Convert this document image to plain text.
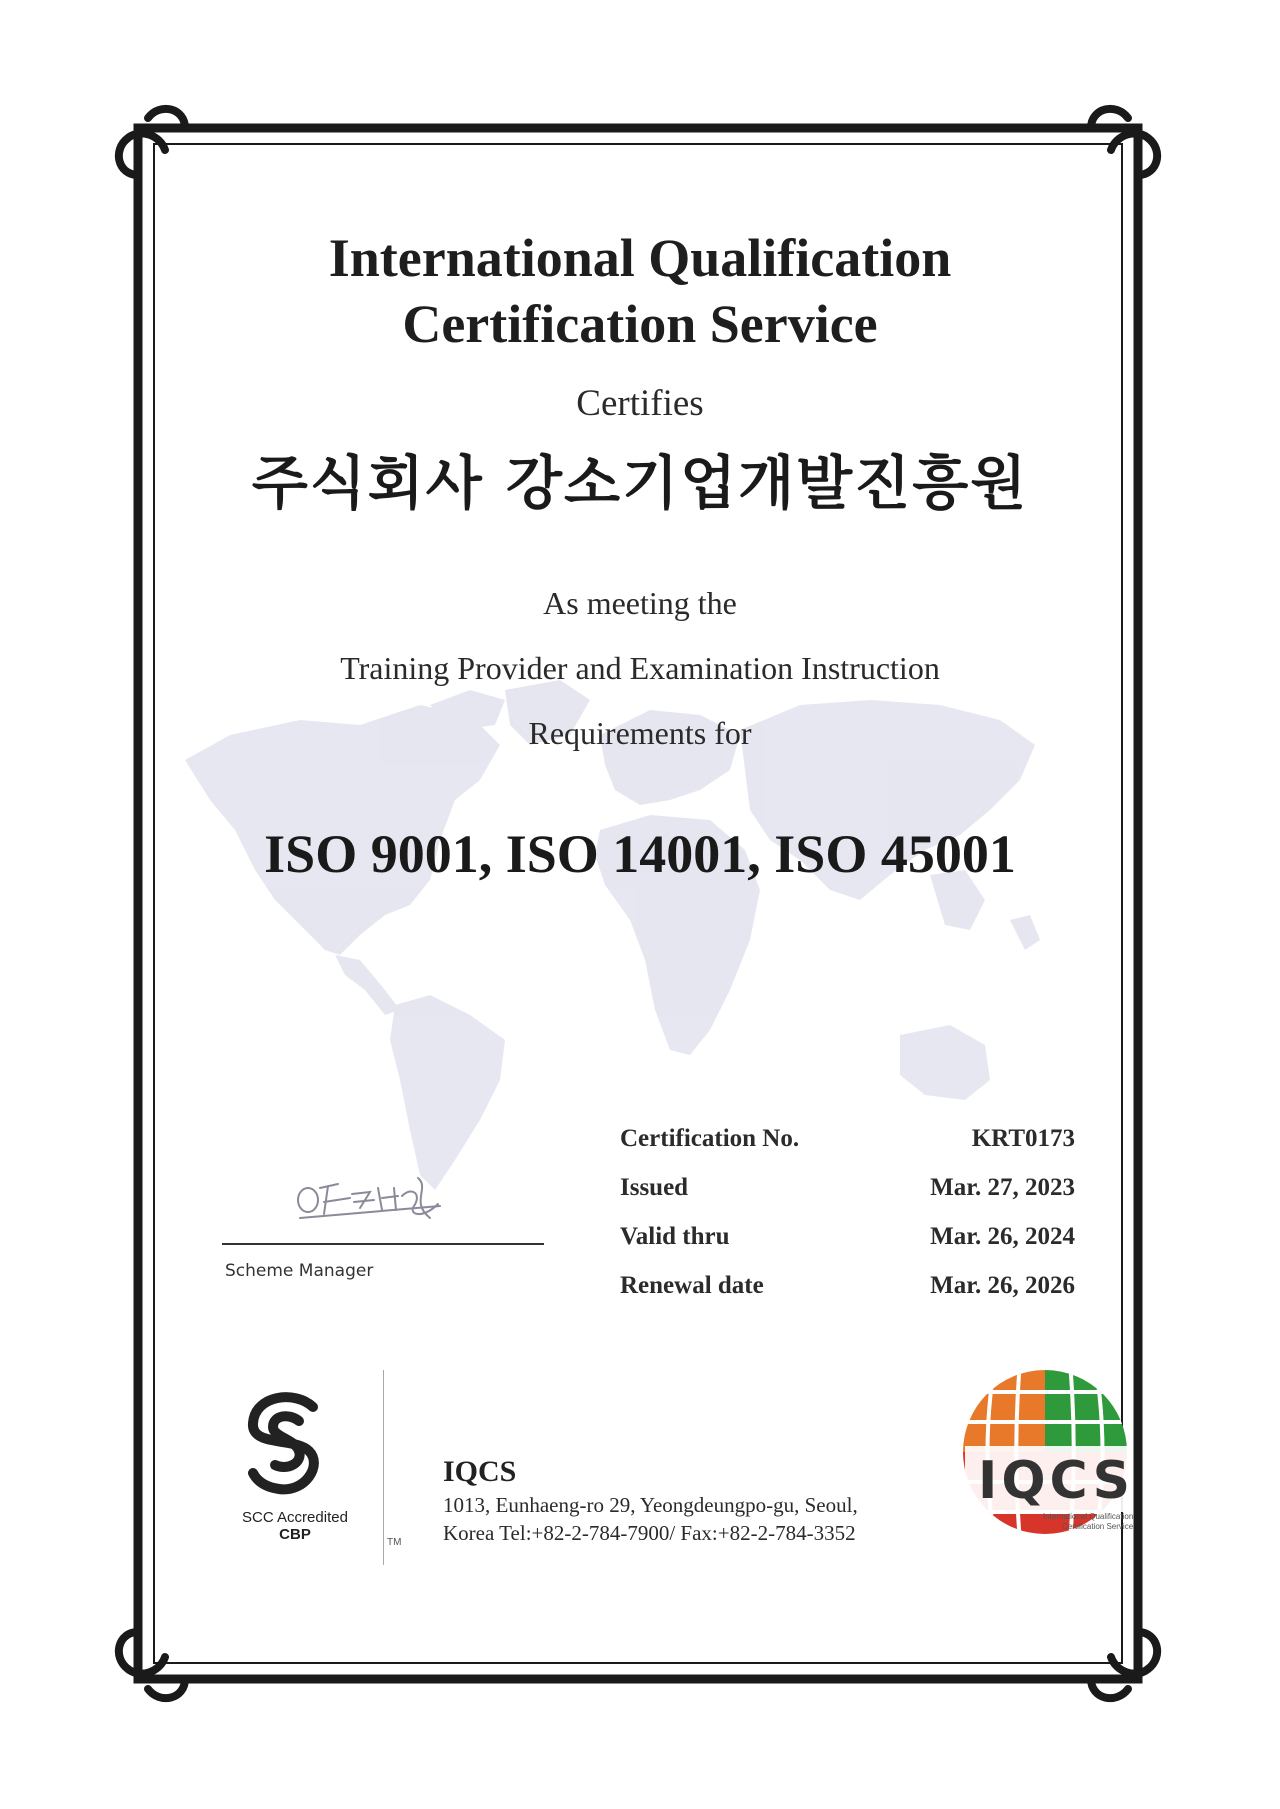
International Qualification
Certification Service
Certifies
주식회사 강소기업개발진흥원
As meeting the
Training Provider and Examination Instruction
Requirements for
ISO 9001, ISO 14001, ISO 45001
Certification No.	KRT0173
Issued	Mar. 27, 2023
Valid thru	Mar. 26, 2024
Renewal date	Mar. 26, 2026
Scheme Manager
SCC Accredited
CBP	TM
IQCS
1013, Eunhaeng-ro 29, Yeongdeungpo-gu, Seoul,
Korea Tel:+82-2-784-7900/ Fax:+82-2-784-3352
IQCS
International Qualification
Certification Service
